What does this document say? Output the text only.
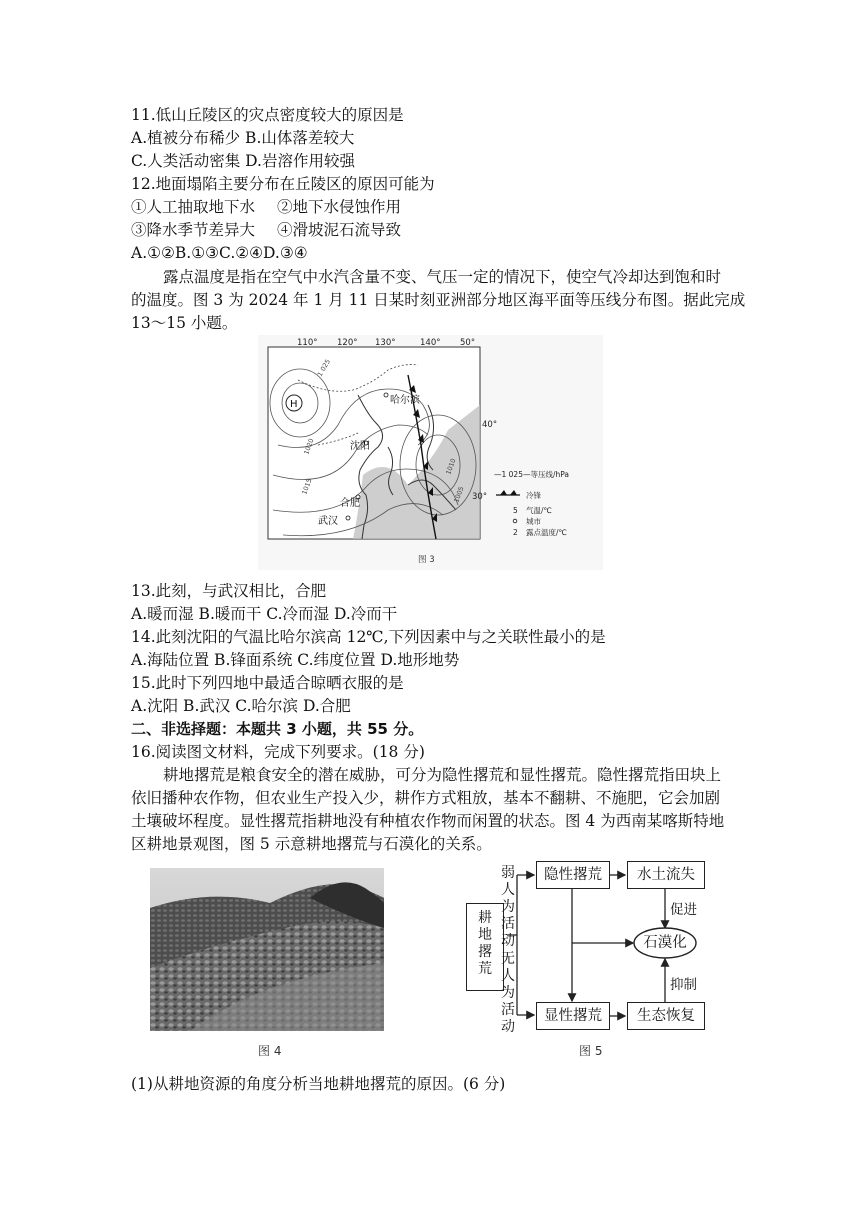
11.低山丘陵区的灾点密度较大的原因是
A.植被分布稀少 B.山体落差较大
C.人类活动密集 D.岩溶作用较强
12.地面塌陷主要分布在丘陵区的原因可能为
①人工抽取地下水 ②地下水侵蚀作用
③降水季节差异大 ④滑坡泥石流导致
A.①②B.①③C.②④D.③④
露点温度是指在空气中水汽含量不变、气压一定的情况下，使空气冷却达到饱和时
的温度。图 3 为 2024 年 1 月 11 日某时刻亚洲部分地区海平面等压线分布图。据此完成
13～15 小题。
110° 120° 130°	140° 50°
40°
30°
H
1 025
1020
1015
1010
1005
哈尔滨
沈阳
合肥
武汉
—1 025—等压线/hPa
冷锋
5 气温/℃
城市
2 露点温度/℃
图 3
13.此刻，与武汉相比，合肥
A.暖而湿 B.暖而干 C.冷而湿 D.冷而干
14.此刻沈阳的气温比哈尔滨高 12℃,下列因素中与之关联性最小的是
A.海陆位置 B.锋面系统 C.纬度位置 D.地形地势
15.此时下列四地中最适合晾晒衣服的是
A.沈阳 B.武汉 C.哈尔滨 D.合肥
二、非选择题：本题共 3 小题，共 55 分。
16.阅读图文材料，完成下列要求。(18 分)
耕地撂荒是粮食安全的潜在威胁，可分为隐性撂荒和显性撂荒。隐性撂荒指田块上
依旧播种农作物，但农业生产投入少，耕作方式粗放，基本不翻耕、不施肥，它会加剧
土壤破坏程度。显性撂荒指耕地没有种植农作物而闲置的状态。图 4 为西南某喀斯特地
区耕地景观图，图 5 示意耕地撂荒与石漠化的关系。
图 4
耕地撂荒
弱人为活动
无人为活动
隐性撂荒
显性撂荒
水土流失
生态恢复
石漠化
促进
抑制
图 5
(1)从耕地资源的角度分析当地耕地撂荒的原因。(6 分)
